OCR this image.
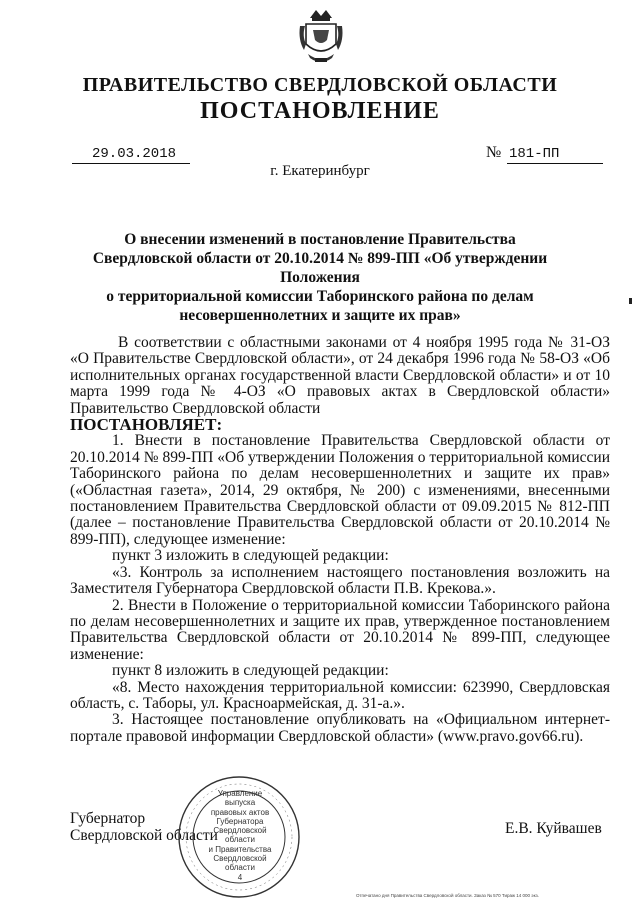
ПРАВИТЕЛЬСТВО СВЕРДЛОВСКОЙ ОБЛАСТИ
ПОСТАНОВЛЕНИЕ
29.03.2018	№ 181-ПП
г. Екатеринбург
О внесении изменений в постановление Правительства
Свердловской области от 20.10.2014 № 899-ПП «Об утверждении Положения
о территориальной комиссии Таборинского района по делам
несовершеннолетних и защите их прав»

В соответствии с областными законами от 4 ноября 1995 года № 31-ОЗ «О Правительстве Свердловской области», от 24 декабря 1996 года № 58-ОЗ «Об исполнительных органах государственной власти Свердловской области» и от 10 марта 1999 года № 4-ОЗ «О правовых актах в Свердловской области» Правительство Свердловской области

ПОСТАНОВЛЯЕТ:

1. Внести в постановление Правительства Свердловской области от 20.10.2014 № 899-ПП «Об утверждении Положения о территориальной комиссии Таборинского района по делам несовершеннолетних и защите их прав» («Областная газета», 2014, 29 октября, № 200) с изменениями, внесенными постановлением Правительства Свердловской области от 09.09.2015 № 812-ПП (далее – постановление Правительства Свердловской области от 20.10.2014 № 899-ПП), следующее изменение:

пункт 3 изложить в следующей редакции:

«3. Контроль за исполнением настоящего постановления возложить на Заместителя Губернатора Свердловской области П.В. Крекова.».

2. Внести в Положение о территориальной комиссии Таборинского района по делам несовершеннолетних и защите их прав, утвержденное постановлением Правительства Свердловской области от 20.10.2014 № 899-ПП, следующее изменение:

пункт 8 изложить в следующей редакции:

«8. Место нахождения территориальной комиссии: 623990, Свердловская область, с. Таборы, ул. Красноармейская, д. 31-а.».

3. Настоящее постановление опубликовать на «Официальном интернет-портале правовой информации Свердловской области» (www.pravo.gov66.ru).

Губернатор
Свердловской области	Е.В. Куйвашев
Управление
выпуска
правовых актов
Губернатора
Свердловской области
и Правительства
Свердловской
области
4
Отпечатано дня Правительства Свердловской области. Заказ № 570 Тираж 14 000 экз.
